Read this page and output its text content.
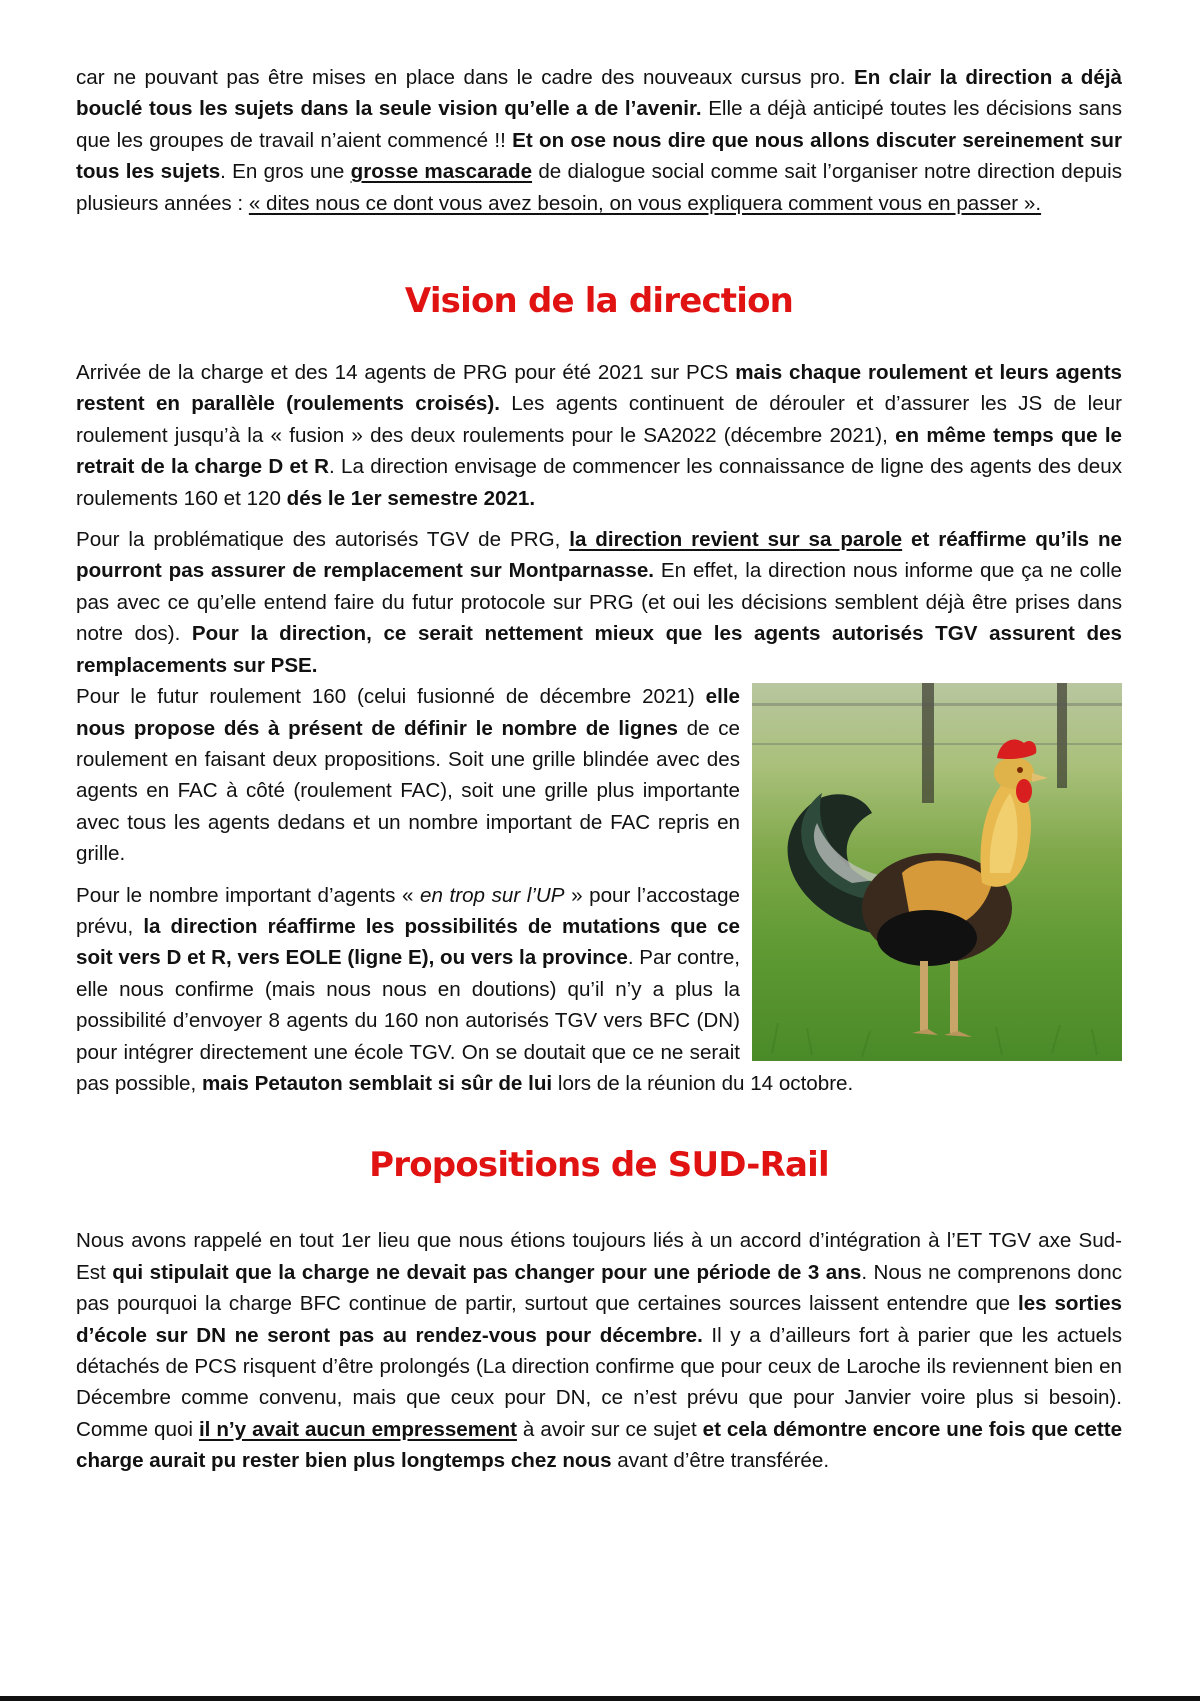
car ne pouvant pas être mises en place dans le cadre des nouveaux cursus pro. En clair la direction a déjà bouclé tous les sujets dans la seule vision qu’elle a de l’avenir. Elle a déjà anticipé toutes les décisions sans que les groupes de travail n’aient commencé !! Et on ose nous dire que nous allons discuter sereinement sur tous les sujets. En gros une grosse mascarade de dialogue social comme sait l’organiser notre direction depuis plusieurs années : « dites nous ce dont vous avez besoin, on vous expliquera comment vous en passer ».

Vision de la direction

Arrivée de la charge et des 14 agents de PRG pour été 2021 sur PCS mais chaque roulement et leurs agents restent en parallèle (roulements croisés). Les agents continuent de dérouler et d’assurer les JS de leur roulement jusqu’à la « fusion » des deux roulements pour le SA2022 (décembre 2021), en même temps que le retrait de la charge D et R. La direction envisage de commencer les connaissance de ligne des agents des deux roulements 160 et 120 dés le 1er semestre 2021.

Pour la problématique des autorisés TGV de PRG, la direction revient sur sa parole et réaffirme qu’ils ne pourront pas assurer de remplacement sur Montparnasse. En effet, la direction nous informe que ça ne colle pas avec ce qu’elle entend faire du futur protocole sur PRG (et oui les décisions semblent déjà être prises dans notre dos). Pour la direction, ce serait nettement mieux que les agents autorisés TGV assurent des remplacements sur PSE.

Pour le futur roulement 160 (celui fusionné de décembre 2021) elle nous propose dés à présent de définir le nombre de lignes de ce roulement en faisant deux propositions. Soit une grille blindée avec des agents en FAC à côté (roulement FAC), soit une grille plus importante avec tous les agents dedans et un nombre important de FAC repris en grille.

Pour le nombre important d’agents « en trop sur l’UP » pour l’accostage prévu, la direction réaffirme les possibilités de mutations que ce soit vers D et R, vers EOLE (ligne E), ou vers la province. Par contre, elle nous confirme (mais nous nous en doutions) qu’il n’y a plus la possibilité d’envoyer 8 agents du 160 non autorisés TGV vers BFC (DN) pour intégrer directement une école TGV. On se doutait que ce ne serait pas possible, mais Petauton semblait si sûr de lui lors de la réunion du 14 octobre.

Propositions de SUD-Rail

Nous avons rappelé en tout 1er lieu que nous étions toujours liés à un accord d’intégration à l’ET TGV axe Sud-Est qui stipulait que la charge ne devait pas changer pour une période de 3 ans. Nous ne comprenons donc pas pourquoi la charge BFC continue de partir, surtout que certaines sources laissent entendre que les sorties d’école sur DN ne seront pas au rendez-vous pour décembre. Il y a d’ailleurs fort à parier que les actuels détachés de PCS risquent d’être prolongés (La direction confirme que pour ceux de Laroche ils reviennent bien en Décembre comme convenu, mais que ceux pour DN, ce n’est prévu que pour Janvier voire plus si besoin). Comme quoi il n’y avait aucun empressement à avoir sur ce sujet et cela démontre encore une fois que cette charge aurait pu rester bien plus longtemps chez nous avant d’être transférée.
